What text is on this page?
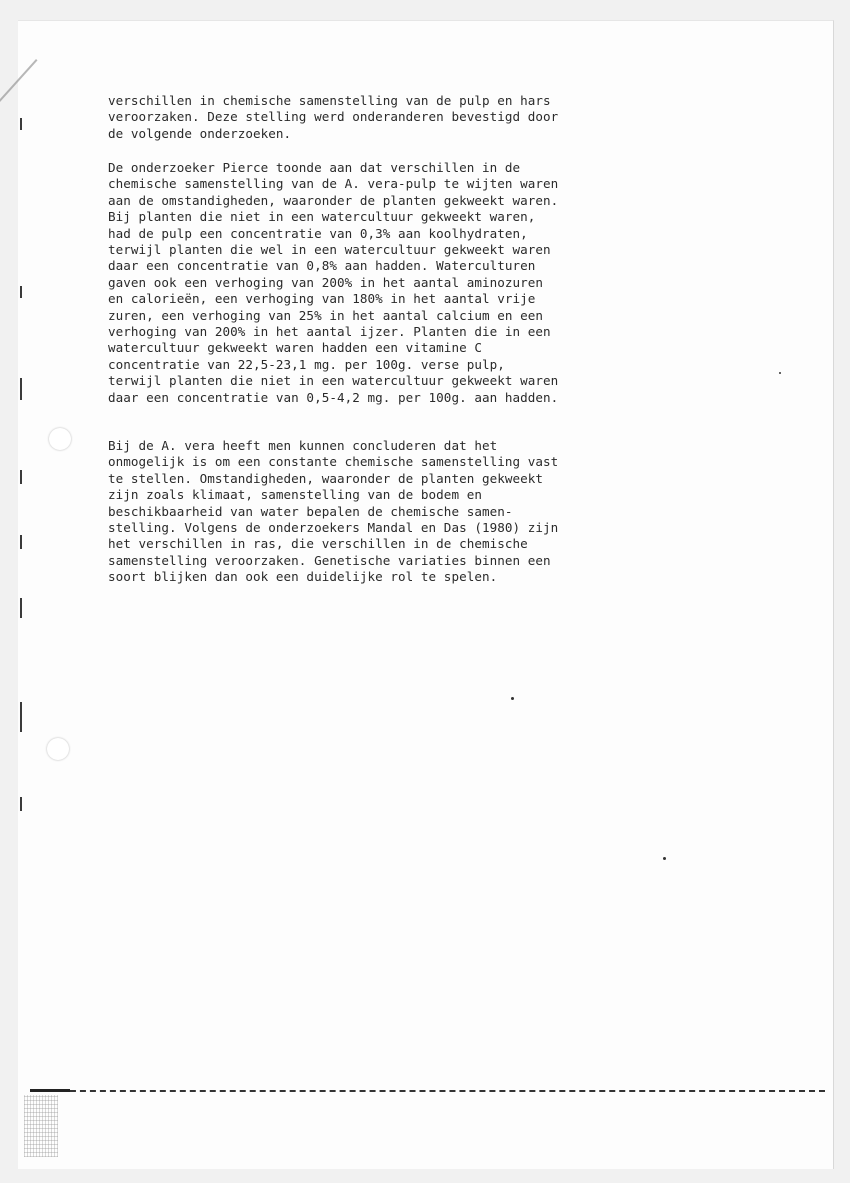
verschillen in chemische samenstelling van de pulp en hars
veroorzaken. Deze stelling werd onderanderen bevestigd door
de volgende onderzoeken.
De onderzoeker Pierce toonde aan dat verschillen in de
chemische samenstelling van de A. vera-pulp te wijten waren
aan de omstandigheden, waaronder de planten gekweekt waren.
Bij planten die niet in een watercultuur gekweekt waren,
had de pulp een concentratie van 0,3% aan koolhydraten,
terwijl planten die wel in een watercultuur gekweekt waren
daar een concentratie van 0,8% aan hadden. Waterculturen
gaven ook een verhoging van 200% in het aantal aminozuren
en calorieën, een verhoging van 180% in het aantal vrije
zuren, een verhoging van 25% in het aantal calcium en een
verhoging van 200% in het aantal ijzer. Planten die in een
watercultuur gekweekt waren hadden een vitamine C
concentratie van 22,5-23,1 mg. per 100g. verse pulp,
terwijl planten die niet in een watercultuur gekweekt waren
daar een concentratie van 0,5-4,2 mg. per 100g. aan hadden.
Bij de A. vera heeft men kunnen concluderen dat het
onmogelijk is om een constante chemische samenstelling vast
te stellen. Omstandigheden, waaronder de planten gekweekt
zijn zoals klimaat, samenstelling van de bodem en
beschikbaarheid van water bepalen de chemische samen-
stelling. Volgens de onderzoekers Mandal en Das (1980) zijn
het verschillen in ras, die verschillen in de chemische
samenstelling veroorzaken. Genetische variaties binnen een
soort blijken dan ook een duidelijke rol te spelen.
